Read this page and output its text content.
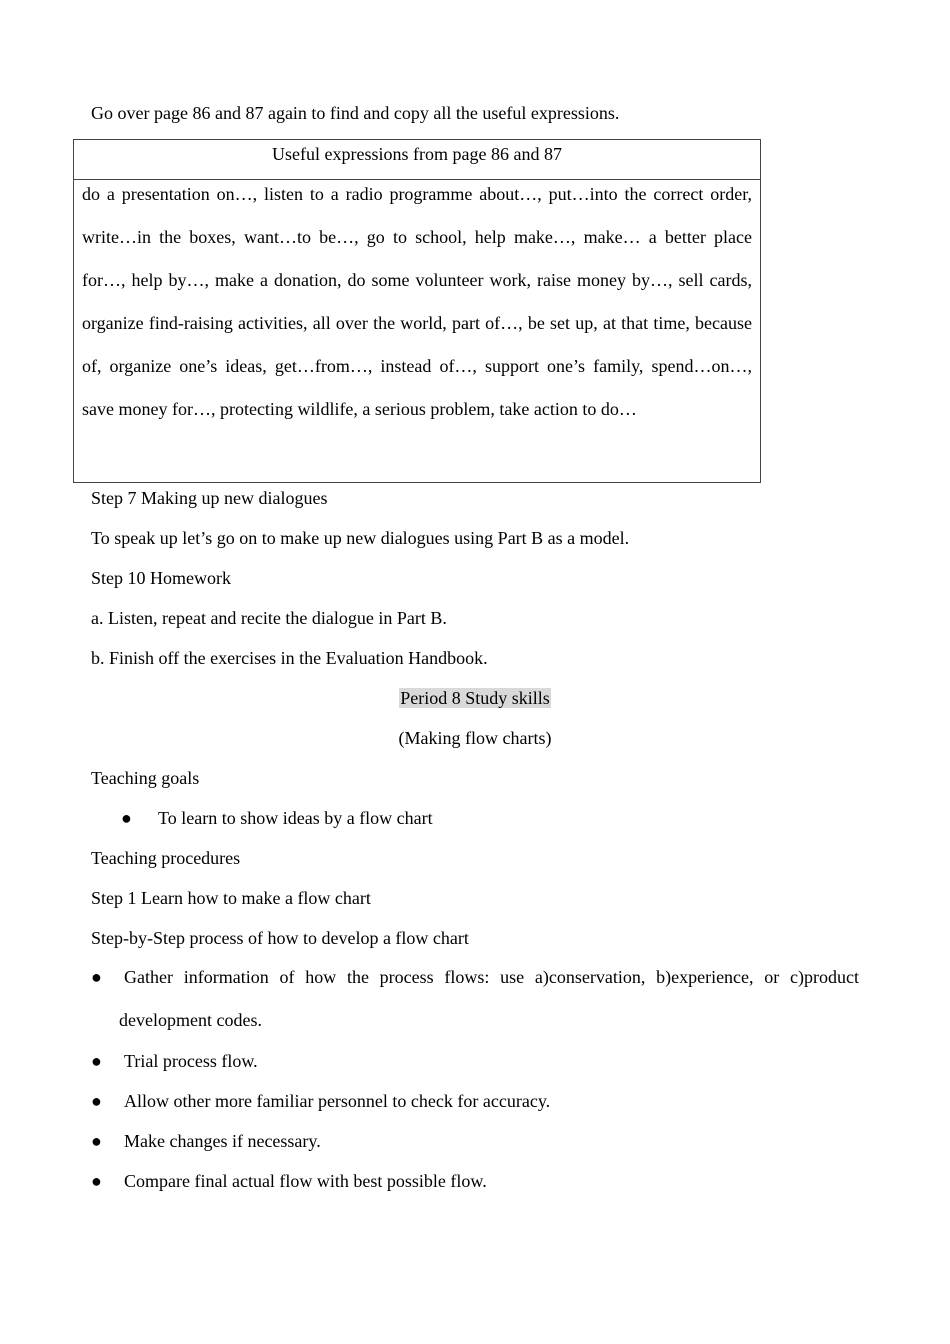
Go over page 86 and 87 again to find and copy all the useful expressions.
Useful expressions from page 86 and 87
do a presentation on…, listen to a radio programme about…, put…into the correct order, write…in the boxes, want…to be…, go to school, help make…, make… a better place for…, help by…, make a donation, do some volunteer work, raise money by…, sell cards, organize find-raising activities, all over the world, part of…, be set up, at that time, because of, organize one’s ideas, get…from…, instead of…, support one’s family, spend…on…, save money for…, protecting wildlife, a serious problem, take action to do…
Step 7 Making up new dialogues
To speak up let’s go on to make up new dialogues using Part B as a model.
Step 10 Homework
a. Listen, repeat and recite the dialogue in Part B.
b. Finish off the exercises in the Evaluation Handbook.
Period 8 Study skills
(Making flow charts)
Teaching goals
● To learn to show ideas by a flow chart
Teaching procedures
Step 1 Learn how to make a flow chart
Step-by-Step process of how to develop a flow chart
● Gather information of how the process flows: use a)conservation, b)experience, or c)product development codes.
● Trial process flow.
● Allow other more familiar personnel to check for accuracy.
● Make changes if necessary.
● Compare final actual flow with best possible flow.
